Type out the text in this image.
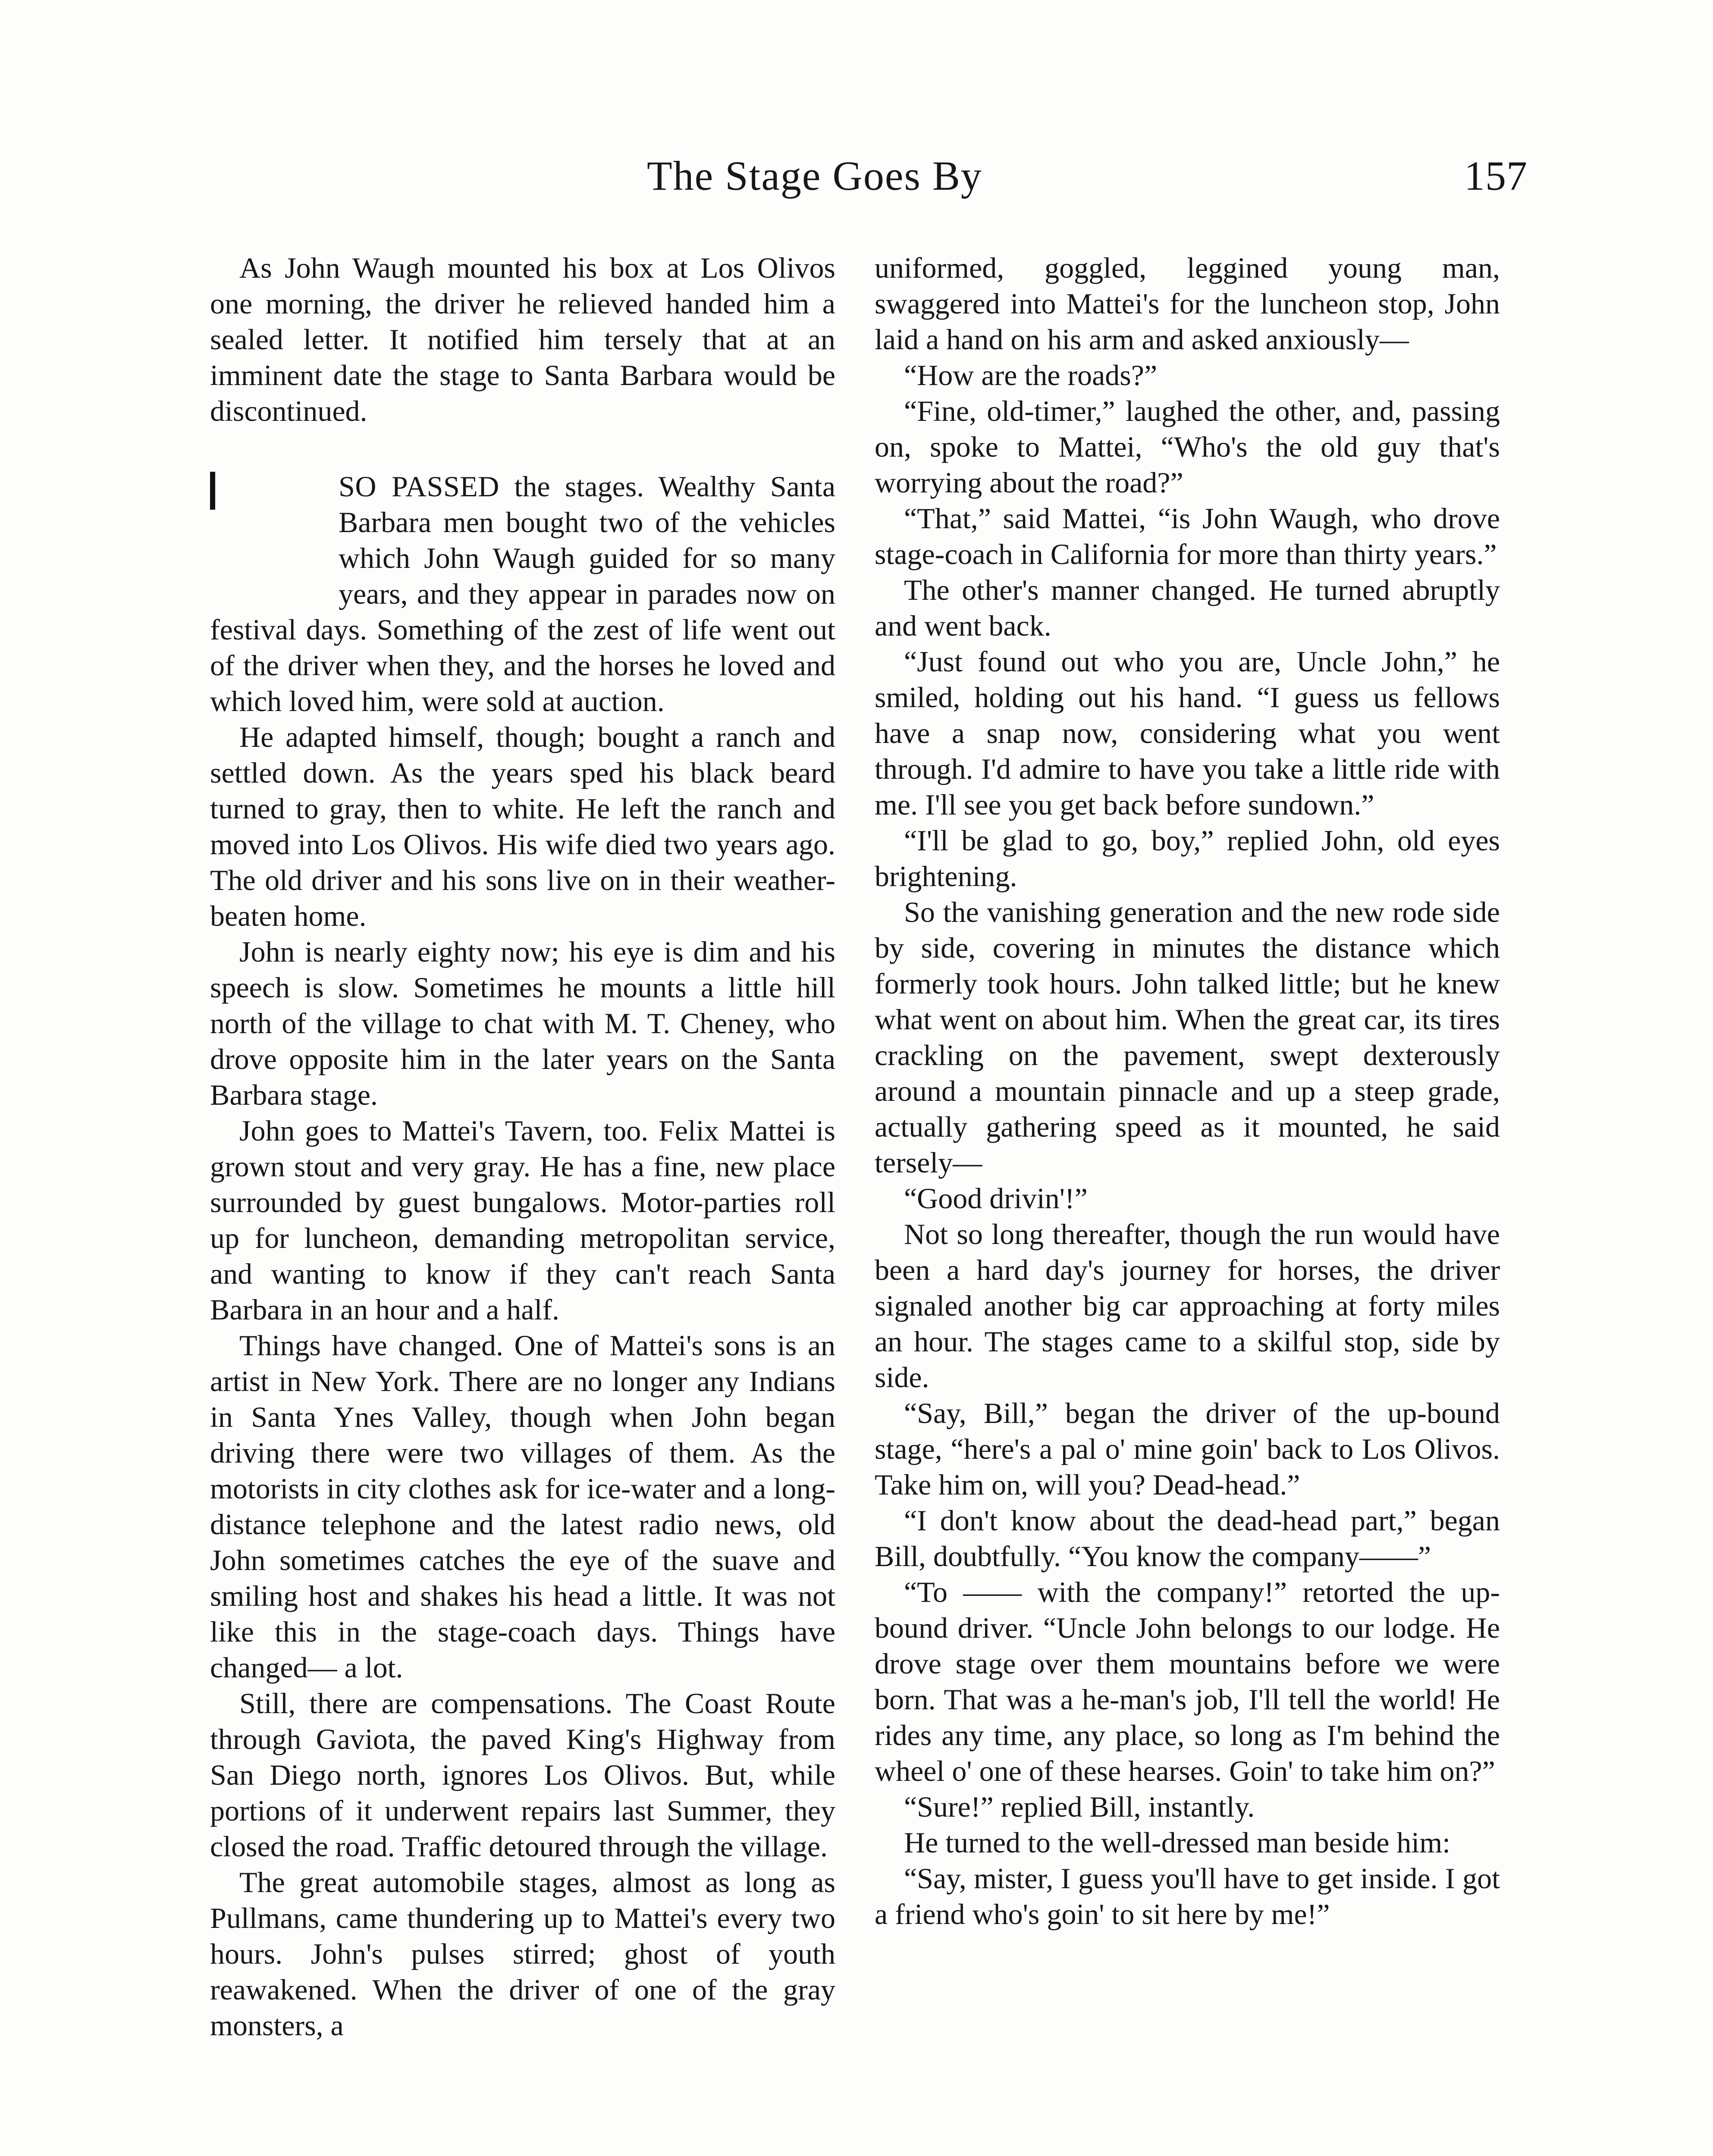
The Stage Goes By	157

As John Waugh mounted his box at Los Olivos one morning, the driver he relieved handed him a sealed letter. It notified him tersely that at an imminent date the stage to Santa Barbara would be discontinued.

SO PASSED the stages. Wealthy Santa Barbara men bought two of the vehicles which John Waugh guided for so many years, and they appear in parades now on festival days. Something of the zest of life went out of the driver when they, and the horses he loved and which loved him, were sold at auction.

He adapted himself, though; bought a ranch and settled down. As the years sped his black beard turned to gray, then to white. He left the ranch and moved into Los Olivos. His wife died two years ago. The old driver and his sons live on in their weather-beaten home.

John is nearly eighty now; his eye is dim and his speech is slow. Sometimes he mounts a little hill north of the village to chat with M. T. Cheney, who drove opposite him in the later years on the Santa Barbara stage.

John goes to Mattei's Tavern, too. Felix Mattei is grown stout and very gray. He has a fine, new place surrounded by guest bungalows. Motor-parties roll up for luncheon, demanding metropolitan service, and wanting to know if they can't reach Santa Barbara in an hour and a half.

Things have changed. One of Mattei's sons is an artist in New York. There are no longer any Indians in Santa Ynes Valley, though when John began driving there were two villages of them. As the motorists in city clothes ask for ice-water and a long-distance telephone and the latest radio news, old John sometimes catches the eye of the suave and smiling host and shakes his head a little. It was not like this in the stage-coach days. Things have changed— a lot.

Still, there are compensations. The Coast Route through Gaviota, the paved King's Highway from San Diego north, ignores Los Olivos. But, while portions of it underwent repairs last Summer, they closed the road. Traffic detoured through the village.

The great automobile stages, almost as long as Pullmans, came thundering up to Mattei's every two hours. John's pulses stirred; ghost of youth reawakened. When the driver of one of the gray monsters, a

uniformed, goggled, leggined young man, swaggered into Mattei's for the luncheon stop, John laid a hand on his arm and asked anxiously—

“How are the roads?”

“Fine, old-timer,” laughed the other, and, passing on, spoke to Mattei, “Who's the old guy that's worrying about the road?”

“That,” said Mattei, “is John Waugh, who drove stage-coach in California for more than thirty years.”

The other's manner changed. He turned abruptly and went back.

“Just found out who you are, Uncle John,” he smiled, holding out his hand. “I guess us fellows have a snap now, considering what you went through. I'd admire to have you take a little ride with me. I'll see you get back before sundown.”

“I'll be glad to go, boy,” replied John, old eyes brightening.

So the vanishing generation and the new rode side by side, covering in minutes the distance which formerly took hours. John talked little; but he knew what went on about him. When the great car, its tires crackling on the pavement, swept dexterously around a mountain pinnacle and up a steep grade, actually gathering speed as it mounted, he said tersely—

“Good drivin'!”

Not so long thereafter, though the run would have been a hard day's journey for horses, the driver signaled another big car approaching at forty miles an hour. The stages came to a skilful stop, side by side.

“Say, Bill,” began the driver of the up-bound stage, “here's a pal o' mine goin' back to Los Olivos. Take him on, will you? Dead-head.”

“I don't know about the dead-head part,” began Bill, doubtfully. “You know the company——”

“To —— with the company!” retorted the up-bound driver. “Uncle John belongs to our lodge. He drove stage over them mountains before we were born. That was a he-man's job, I'll tell the world! He rides any time, any place, so long as I'm behind the wheel o' one of these hearses. Goin' to take him on?”

“Sure!” replied Bill, instantly.

He turned to the well-dressed man beside him:

“Say, mister, I guess you'll have to get inside. I got a friend who's goin' to sit here by me!”
